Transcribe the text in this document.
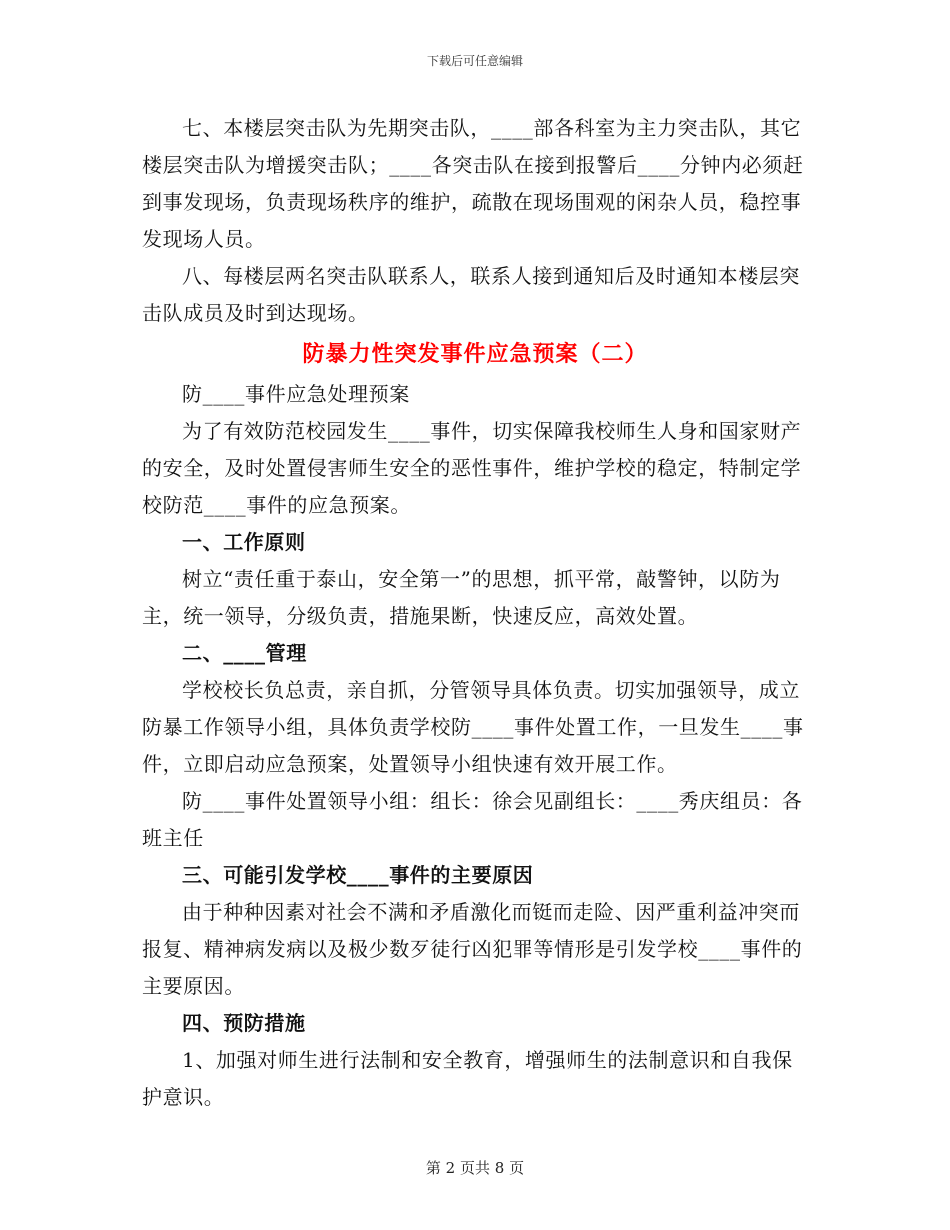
下载后可任意编辑

七、本楼层突击队为先期突击队，____部各科室为主力突击队，其它楼层突击队为增援突击队；____各突击队在接到报警后____分钟内必须赶到事发现场，负责现场秩序的维护，疏散在现场围观的闲杂人员，稳控事发现场人员。

八、每楼层两名突击队联系人，联系人接到通知后及时通知本楼层突击队成员及时到达现场。

防暴力性突发事件应急预案（二）

防____事件应急处理预案

为了有效防范校园发生____事件，切实保障我校师生人身和国家财产的安全，及时处置侵害师生安全的恶性事件，维护学校的稳定，特制定学校防范____事件的应急预案。

一、工作原则

树立“责任重于泰山，安全第一”的思想，抓平常，敲警钟，以防为主，统一领导，分级负责，措施果断，快速反应，高效处置。

二、____管理

学校校长负总责，亲自抓，分管领导具体负责。切实加强领导，成立防暴工作领导小组，具体负责学校防____事件处置工作，一旦发生____事件，立即启动应急预案，处置领导小组快速有效开展工作。

防____事件处置领导小组：组长：徐会见副组长：____秀庆组员：各班主任

三、可能引发学校____事件的主要原因

由于种种因素对社会不满和矛盾激化而铤而走险、因严重利益冲突而报复、精神病发病以及极少数歹徒行凶犯罪等情形是引发学校____事件的主要原因。

四、预防措施

1、加强对师生进行法制和安全教育，增强师生的法制意识和自我保护意识。

第 2 页共 8 页
